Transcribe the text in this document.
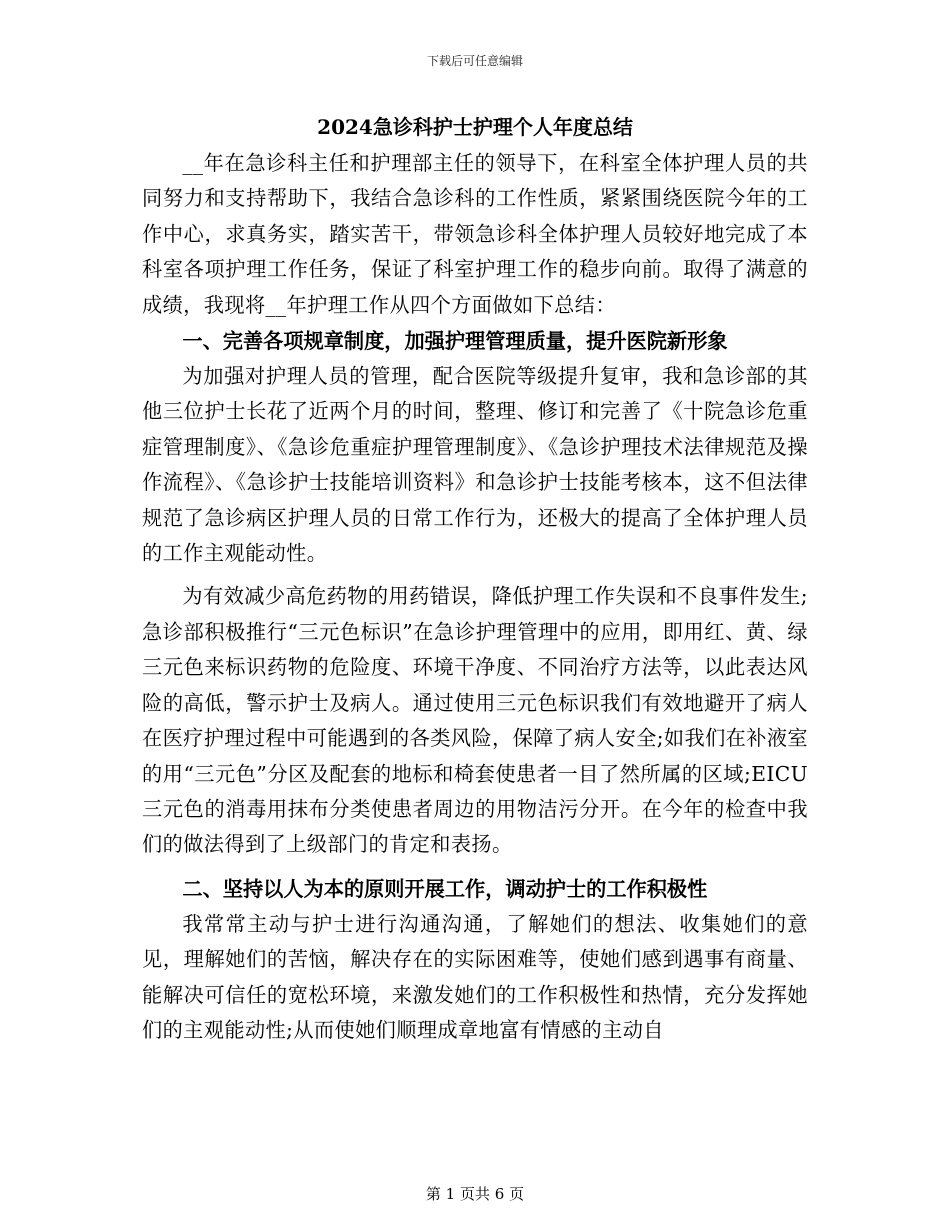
下载后可任意编辑
2024急诊科护士护理个人年度总结

__年在急诊科主任和护理部主任的领导下，在科室全体护理人员的共同努力和支持帮助下，我结合急诊科的工作性质，紧紧围绕医院今年的工作中心，求真务实，踏实苦干，带领急诊科全体护理人员较好地完成了本科室各项护理工作任务，保证了科室护理工作的稳步向前。取得了满意的成绩，我现将__年护理工作从四个方面做如下总结：

一、完善各项规章制度，加强护理管理质量，提升医院新形象

为加强对护理人员的管理，配合医院等级提升复审，我和急诊部的其他三位护士长花了近两个月的时间，整理、修订和完善了《十院急诊危重症管理制度》、《急诊危重症护理管理制度》、《急诊护理技术法律规范及操作流程》、《急诊护士技能培训资料》和急诊护士技能考核本，这不但法律规范了急诊病区护理人员的日常工作行为，还极大的提高了全体护理人员的工作主观能动性。

为有效减少高危药物的用药错误，降低护理工作失误和不良事件发生;急诊部积极推行“三元色标识”在急诊护理管理中的应用，即用红、黄、绿三元色来标识药物的危险度、环境干净度、不同治疗方法等，以此表达风险的高低，警示护士及病人。通过使用三元色标识我们有效地避开了病人在医疗护理过程中可能遇到的各类风险，保障了病人安全;如我们在补液室的用“三元色”分区及配套的地标和椅套使患者一目了然所属的区域;EICU三元色的消毒用抹布分类使患者周边的用物洁污分开。在今年的检查中我们的做法得到了上级部门的肯定和表扬。

二、坚持以人为本的原则开展工作，调动护士的工作积极性

我常常主动与护士进行沟通沟通，了解她们的想法、收集她们的意见，理解她们的苦恼，解决存在的实际困难等，使她们感到遇事有商量、能解决可信任的宽松环境，来激发她们的工作积极性和热情，充分发挥她们的主观能动性;从而使她们顺理成章地富有情感的主动自

第 1 页共 6 页
